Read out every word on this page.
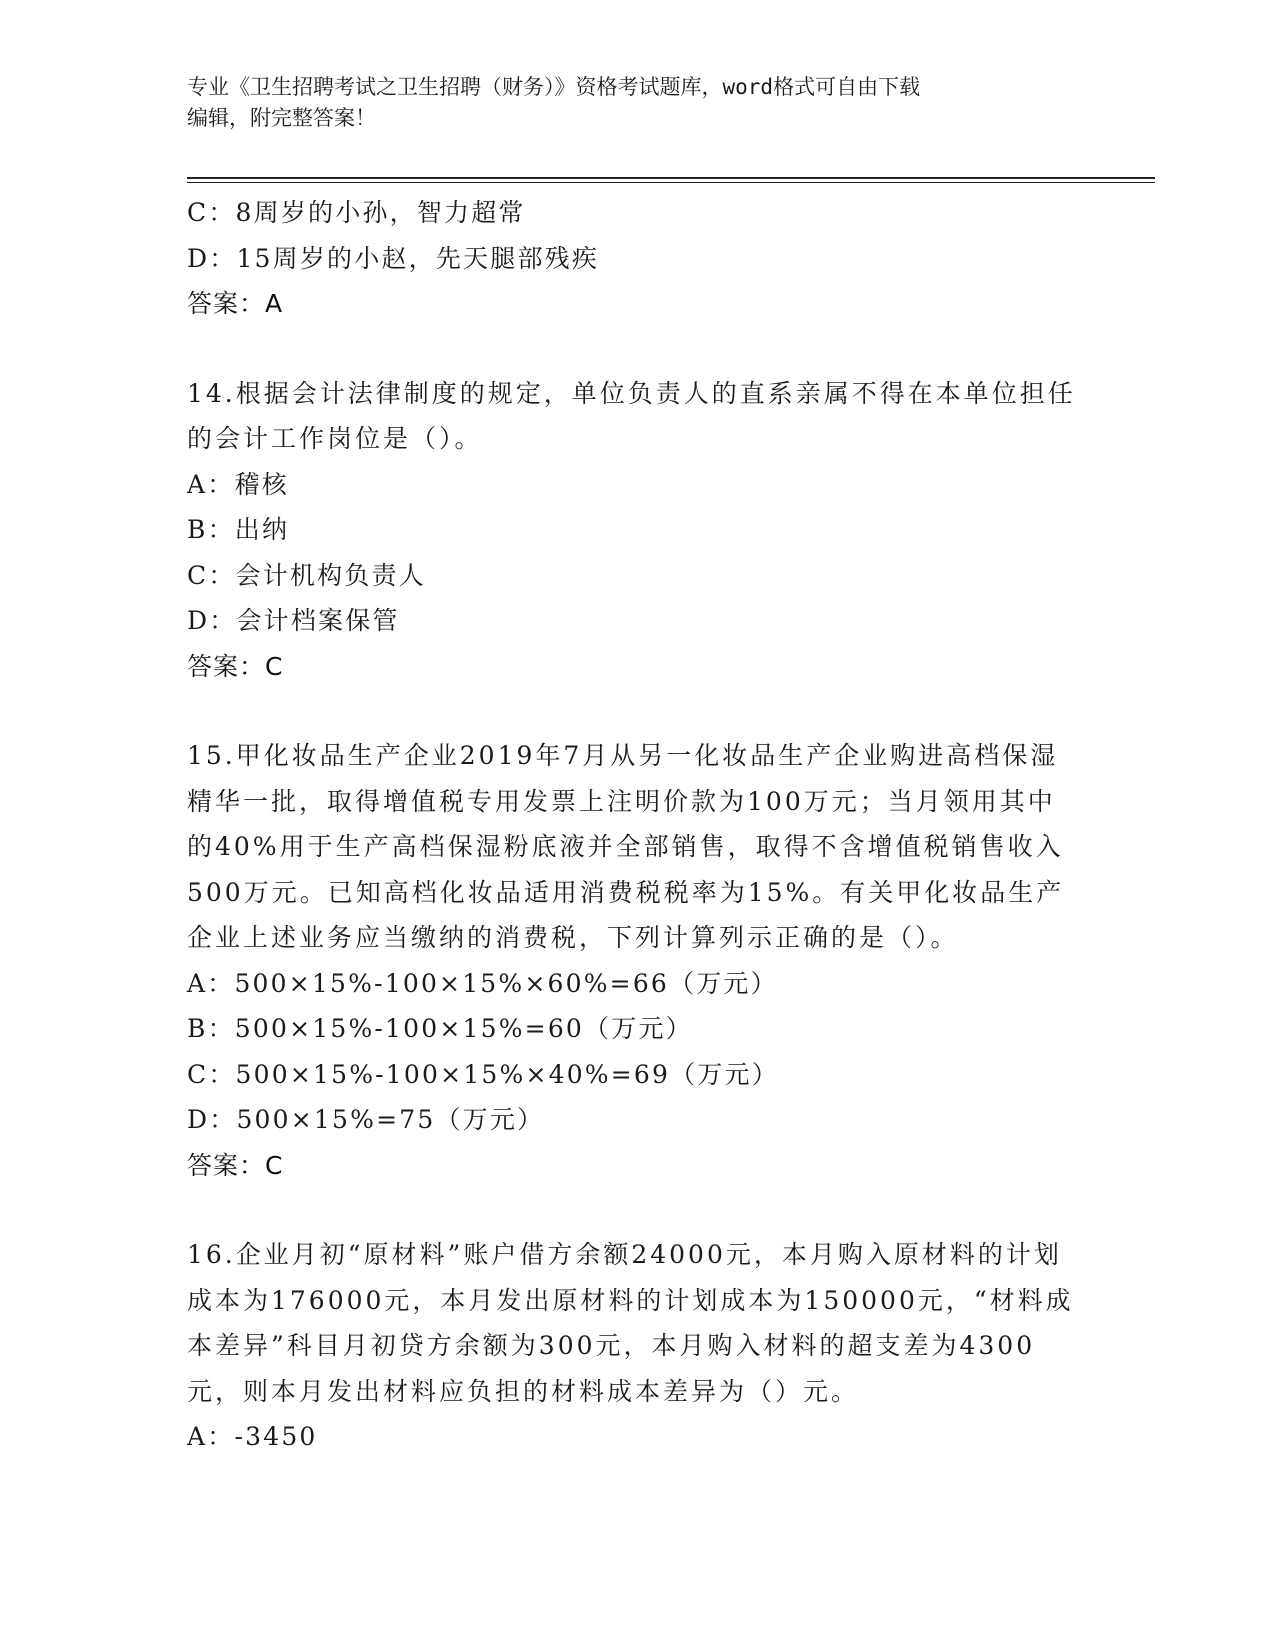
专业《卫生招聘考试之卫生招聘（财务）》资格考试题库，word格式可自由下载
编辑，附完整答案！
C：8周岁的小孙，智力超常
D：15周岁的小赵，先天腿部残疾
答案：A
14.根据会计法律制度的规定，单位负责人的直系亲属不得在本单位担任的会计工作岗位是（）。
A：稽核
B：出纳
C：会计机构负责人
D：会计档案保管
答案：C
15.甲化妆品生产企业2019年7月从另一化妆品生产企业购进高档保湿精华一批，取得增值税专用发票上注明价款为100万元；当月领用其中的40%用于生产高档保湿粉底液并全部销售，取得不含增值税销售收入500万元。已知高档化妆品适用消费税税率为15%。有关甲化妆品生产企业上述业务应当缴纳的消费税，下列计算列示正确的是（）。
A：500×15%-100×15%×60%=66（万元）
B：500×15%-100×15%=60（万元）
C：500×15%-100×15%×40%=69（万元）
D：500×15%=75（万元）
答案：C
16.企业月初“原材料”账户借方余额24000元，本月购入原材料的计划成本为176000元，本月发出原材料的计划成本为150000元，“材料成本差异”科目月初贷方余额为300元，本月购入材料的超支差为4300元，则本月发出材料应负担的材料成本差异为（）元。
A：-3450
